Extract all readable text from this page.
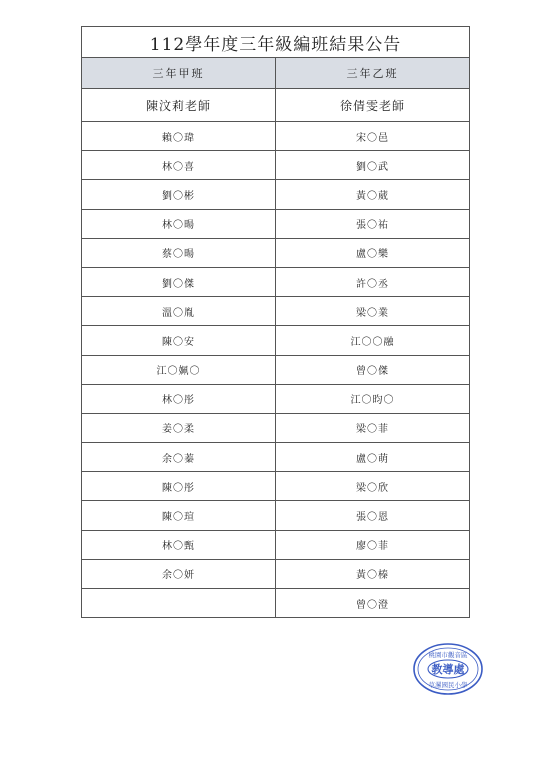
112學年度三年級編班結果公告	
三年甲班	三年乙班
陳汶莉老師	徐倩雯老師
賴〇瑋	宋〇邑
林〇喜	劉〇武
劉〇彬	黃〇葳
林〇暘	張〇祐
蔡〇暘	盧〇樂
劉〇傑	許〇丞
溫〇胤	梁〇業
陳〇安	江〇〇融
江〇姵〇	曾〇傑
林〇彤	江〇昀〇
姜〇柔	梁〇菲
余〇蓁	盧〇萌
陳〇彤	梁〇欣
陳〇瑄	張〇恩
林〇甄	廖〇菲
余〇妍	黃〇榛
	曾〇澄
桃園市觀音區
教導處
草漯國民小學
